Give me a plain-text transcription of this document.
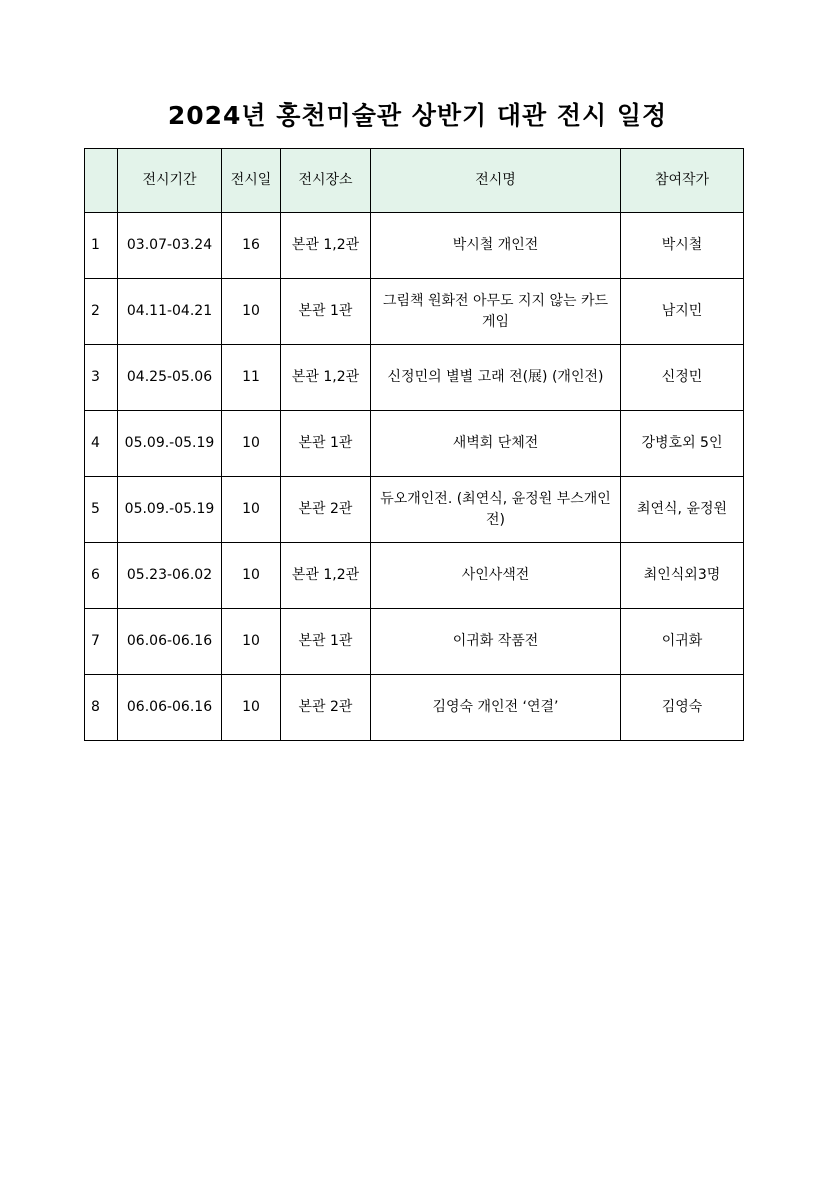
2024년 홍천미술관 상반기 대관 전시 일정
	전시기간	전시일	전시장소	전시명	참여작가
1	03.07-03.24	16	본관 1,2관	박시철 개인전	박시철
2	04.11-04.21	10	본관 1관	그림책 원화전 아무도 지지 않는 카드게임	남지민
3	04.25-05.06	11	본관 1,2관	신정민의 별별 고래 전(展) (개인전)	신정민
4	05.09.-05.19	10	본관 1관	새벽회 단체전	강병호외 5인
5	05.09.-05.19	10	본관 2관	듀오개인전. (최연식, 윤정원 부스개인전)	최연식, 윤정원
6	05.23-06.02	10	본관 1,2관	사인사색전	최인식외3명
7	06.06-06.16	10	본관 1관	이귀화 작품전	이귀화
8	06.06-06.16	10	본관 2관	김영숙 개인전 ‘연결’	김영숙
